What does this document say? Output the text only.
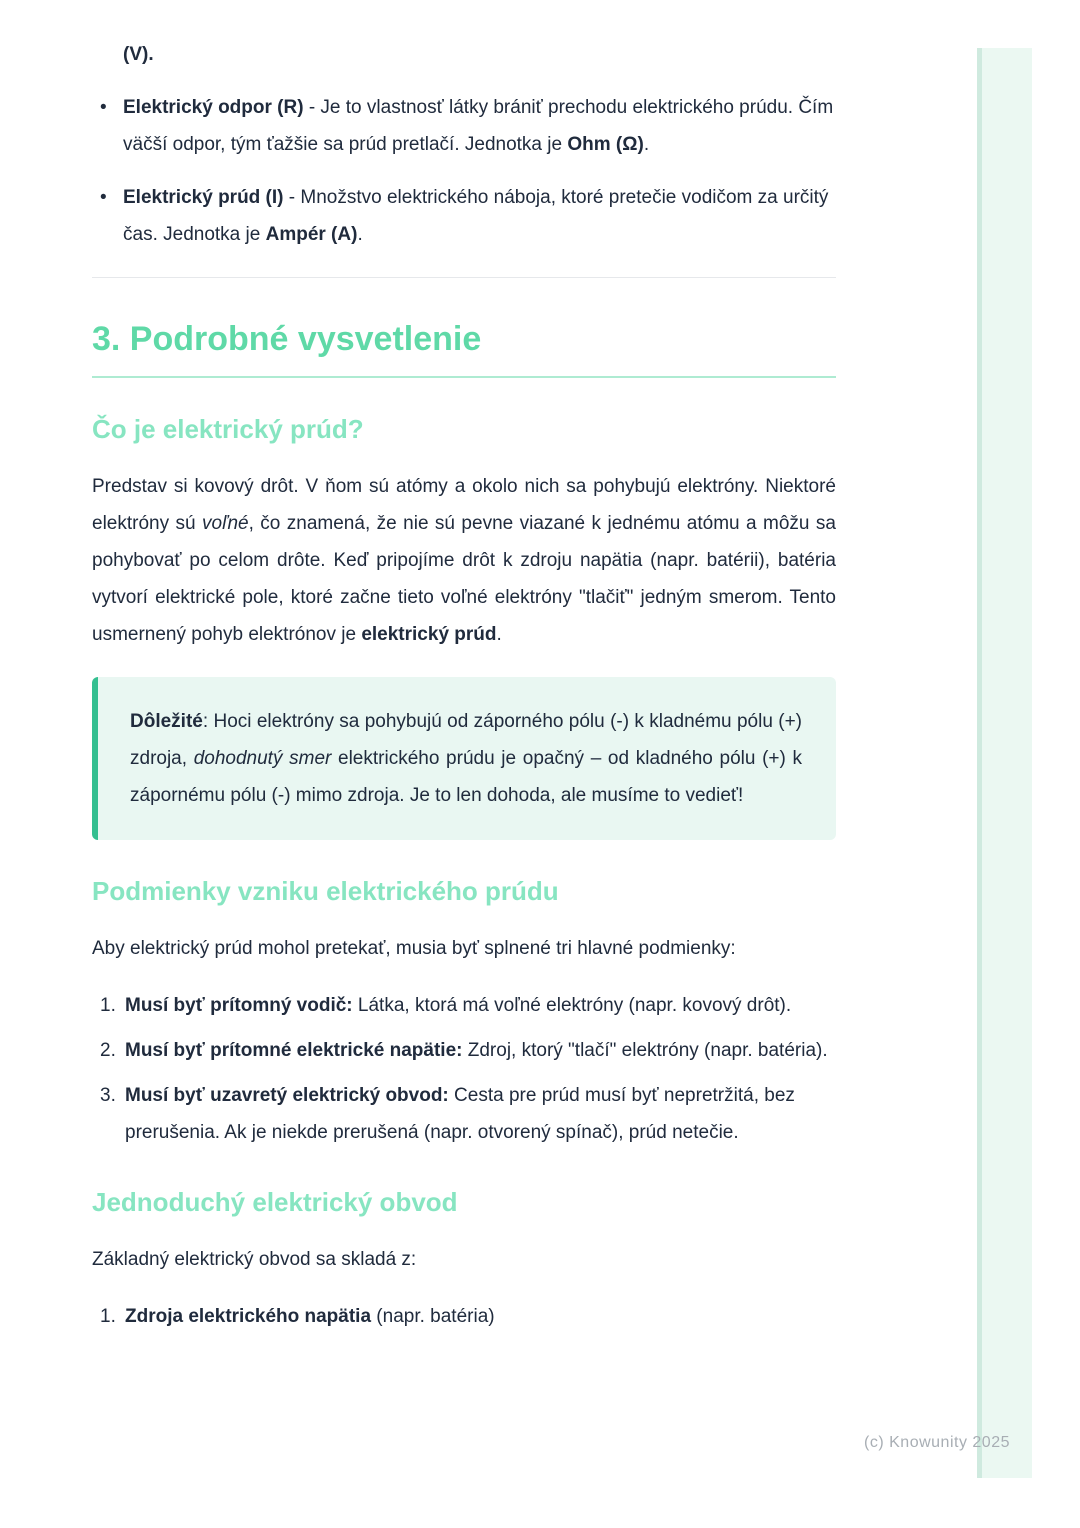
(V).
• Elektrický odpor (R) - Je to vlastnosť látky brániť prechodu elektrického prúdu. Čím väčší odpor, tým ťažšie sa prúd pretlačí. Jednotka je Ohm (Ω).
• Elektrický prúd (I) - Množstvo elektrického náboja, ktoré pretečie vodičom za určitý čas. Jednotka je Ampér (A).
3. Podrobné vysvetlenie
Čo je elektrický prúd?

Predstav si kovový drôt. V ňom sú atómy a okolo nich sa pohybujú elektróny. Niektoré elektróny sú voľné, čo znamená, že nie sú pevne viazané k jednému atómu a môžu sa pohybovať po celom drôte. Keď pripojíme drôt k zdroju napätia (napr. batérii), batéria vytvorí elektrické pole, ktoré začne tieto voľné elektróny "tlačiť" jedným smerom. Tento usmernený pohyb elektrónov je elektrický prúd.

Dôležité: Hoci elektróny sa pohybujú od záporného pólu (-) k kladnému pólu (+) zdroja, dohodnutý smer elektrického prúdu je opačný – od kladného pólu (+) k zápornému pólu (-) mimo zdroja. Je to len dohoda, ale musíme to vedieť!
Podmienky vzniku elektrického prúdu

Aby elektrický prúd mohol pretekať, musia byť splnené tri hlavné podmienky:

Musí byť prítomný vodič: Látka, ktorá má voľné elektróny (napr. kovový drôt).
Musí byť prítomné elektrické napätie: Zdroj, ktorý "tlačí" elektróny (napr. batéria).
Musí byť uzavretý elektrický obvod: Cesta pre prúd musí byť nepretržitá, bez prerušenia. Ak je niekde prerušená (napr. otvorený spínač), prúd netečie.
Jednoduchý elektrický obvod

Základný elektrický obvod sa skladá z:

Zdroja elektrického napätia (napr. batéria)
(c) Knowunity 2025
